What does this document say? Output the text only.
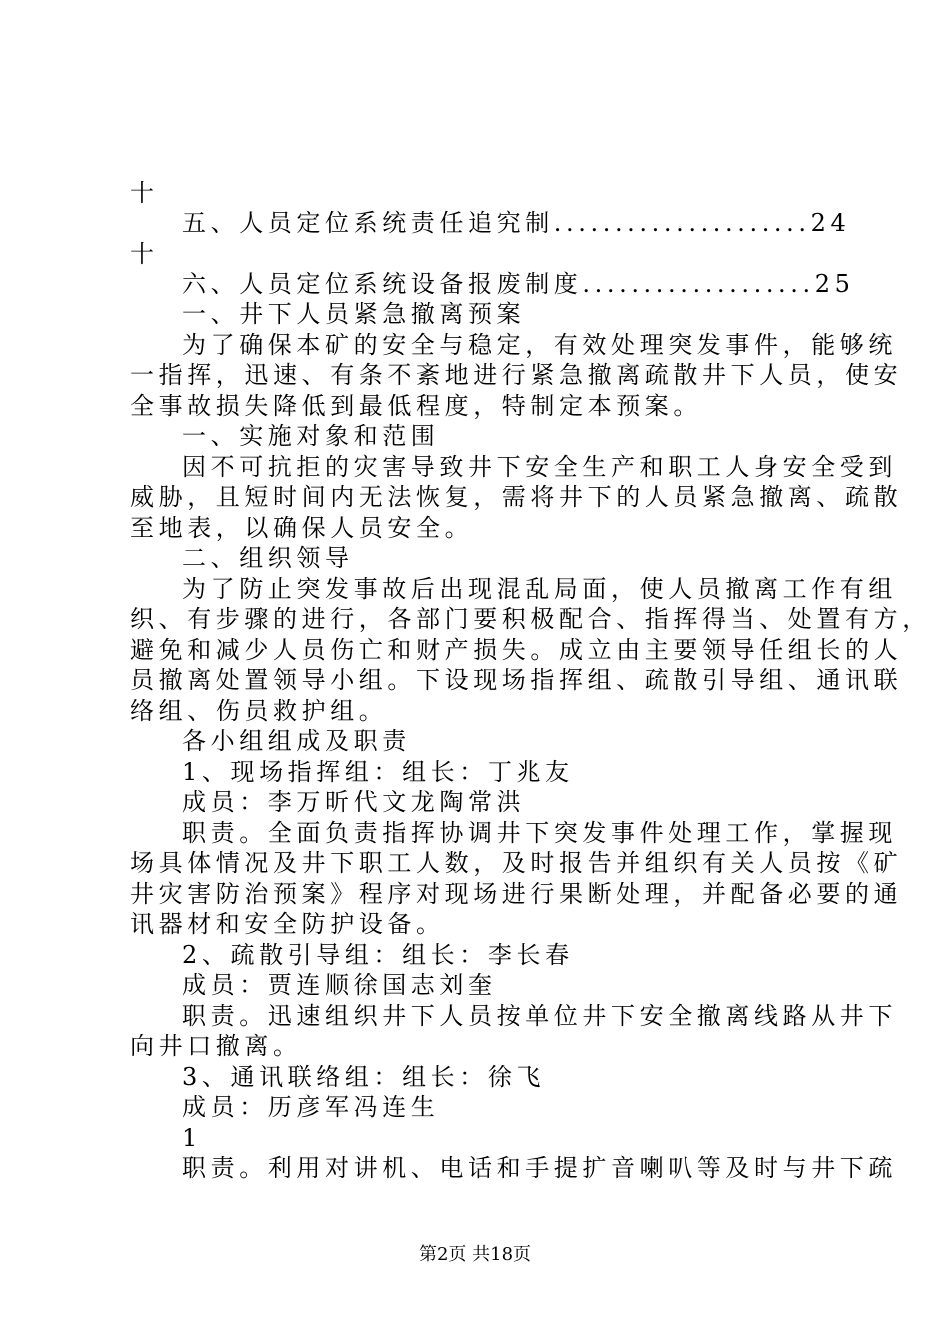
十
五、人员定位系统责任追究制.....................24
十
六、人员定位系统设备报废制度...................25
一、井下人员紧急撤离预案
为了确保本矿的安全与稳定，有效处理突发事件，能够统
一指挥，迅速、有条不紊地进行紧急撤离疏散井下人员，使安
全事故损失降低到最低程度，特制定本预案。
一、实施对象和范围
因不可抗拒的灾害导致井下安全生产和职工人身安全受到
威胁，且短时间内无法恢复，需将井下的人员紧急撤离、疏散
至地表，以确保人员安全。
二、组织领导
为了防止突发事故后出现混乱局面，使人员撤离工作有组
织、有步骤的进行，各部门要积极配合、指挥得当、处置有方，
避免和减少人员伤亡和财产损失。成立由主要领导任组长的人
员撤离处置领导小组。下设现场指挥组、疏散引导组、通讯联
络组、伤员救护组。
各小组组成及职责
1、现场指挥组：组长：丁兆友
成员：李万昕代文龙陶常洪
职责。全面负责指挥协调井下突发事件处理工作，掌握现
场具体情况及井下职工人数，及时报告并组织有关人员按《矿
井灾害防治预案》程序对现场进行果断处理，并配备必要的通
讯器材和安全防护设备。
2、疏散引导组：组长：李长春
成员：贾连顺徐国志刘奎
职责。迅速组织井下人员按单位井下安全撤离线路从井下
向井口撤离。
3、通讯联络组：组长：徐飞
成员：历彦军冯连生
1
职责。利用对讲机、电话和手提扩音喇叭等及时与井下疏
第2页 共18页
